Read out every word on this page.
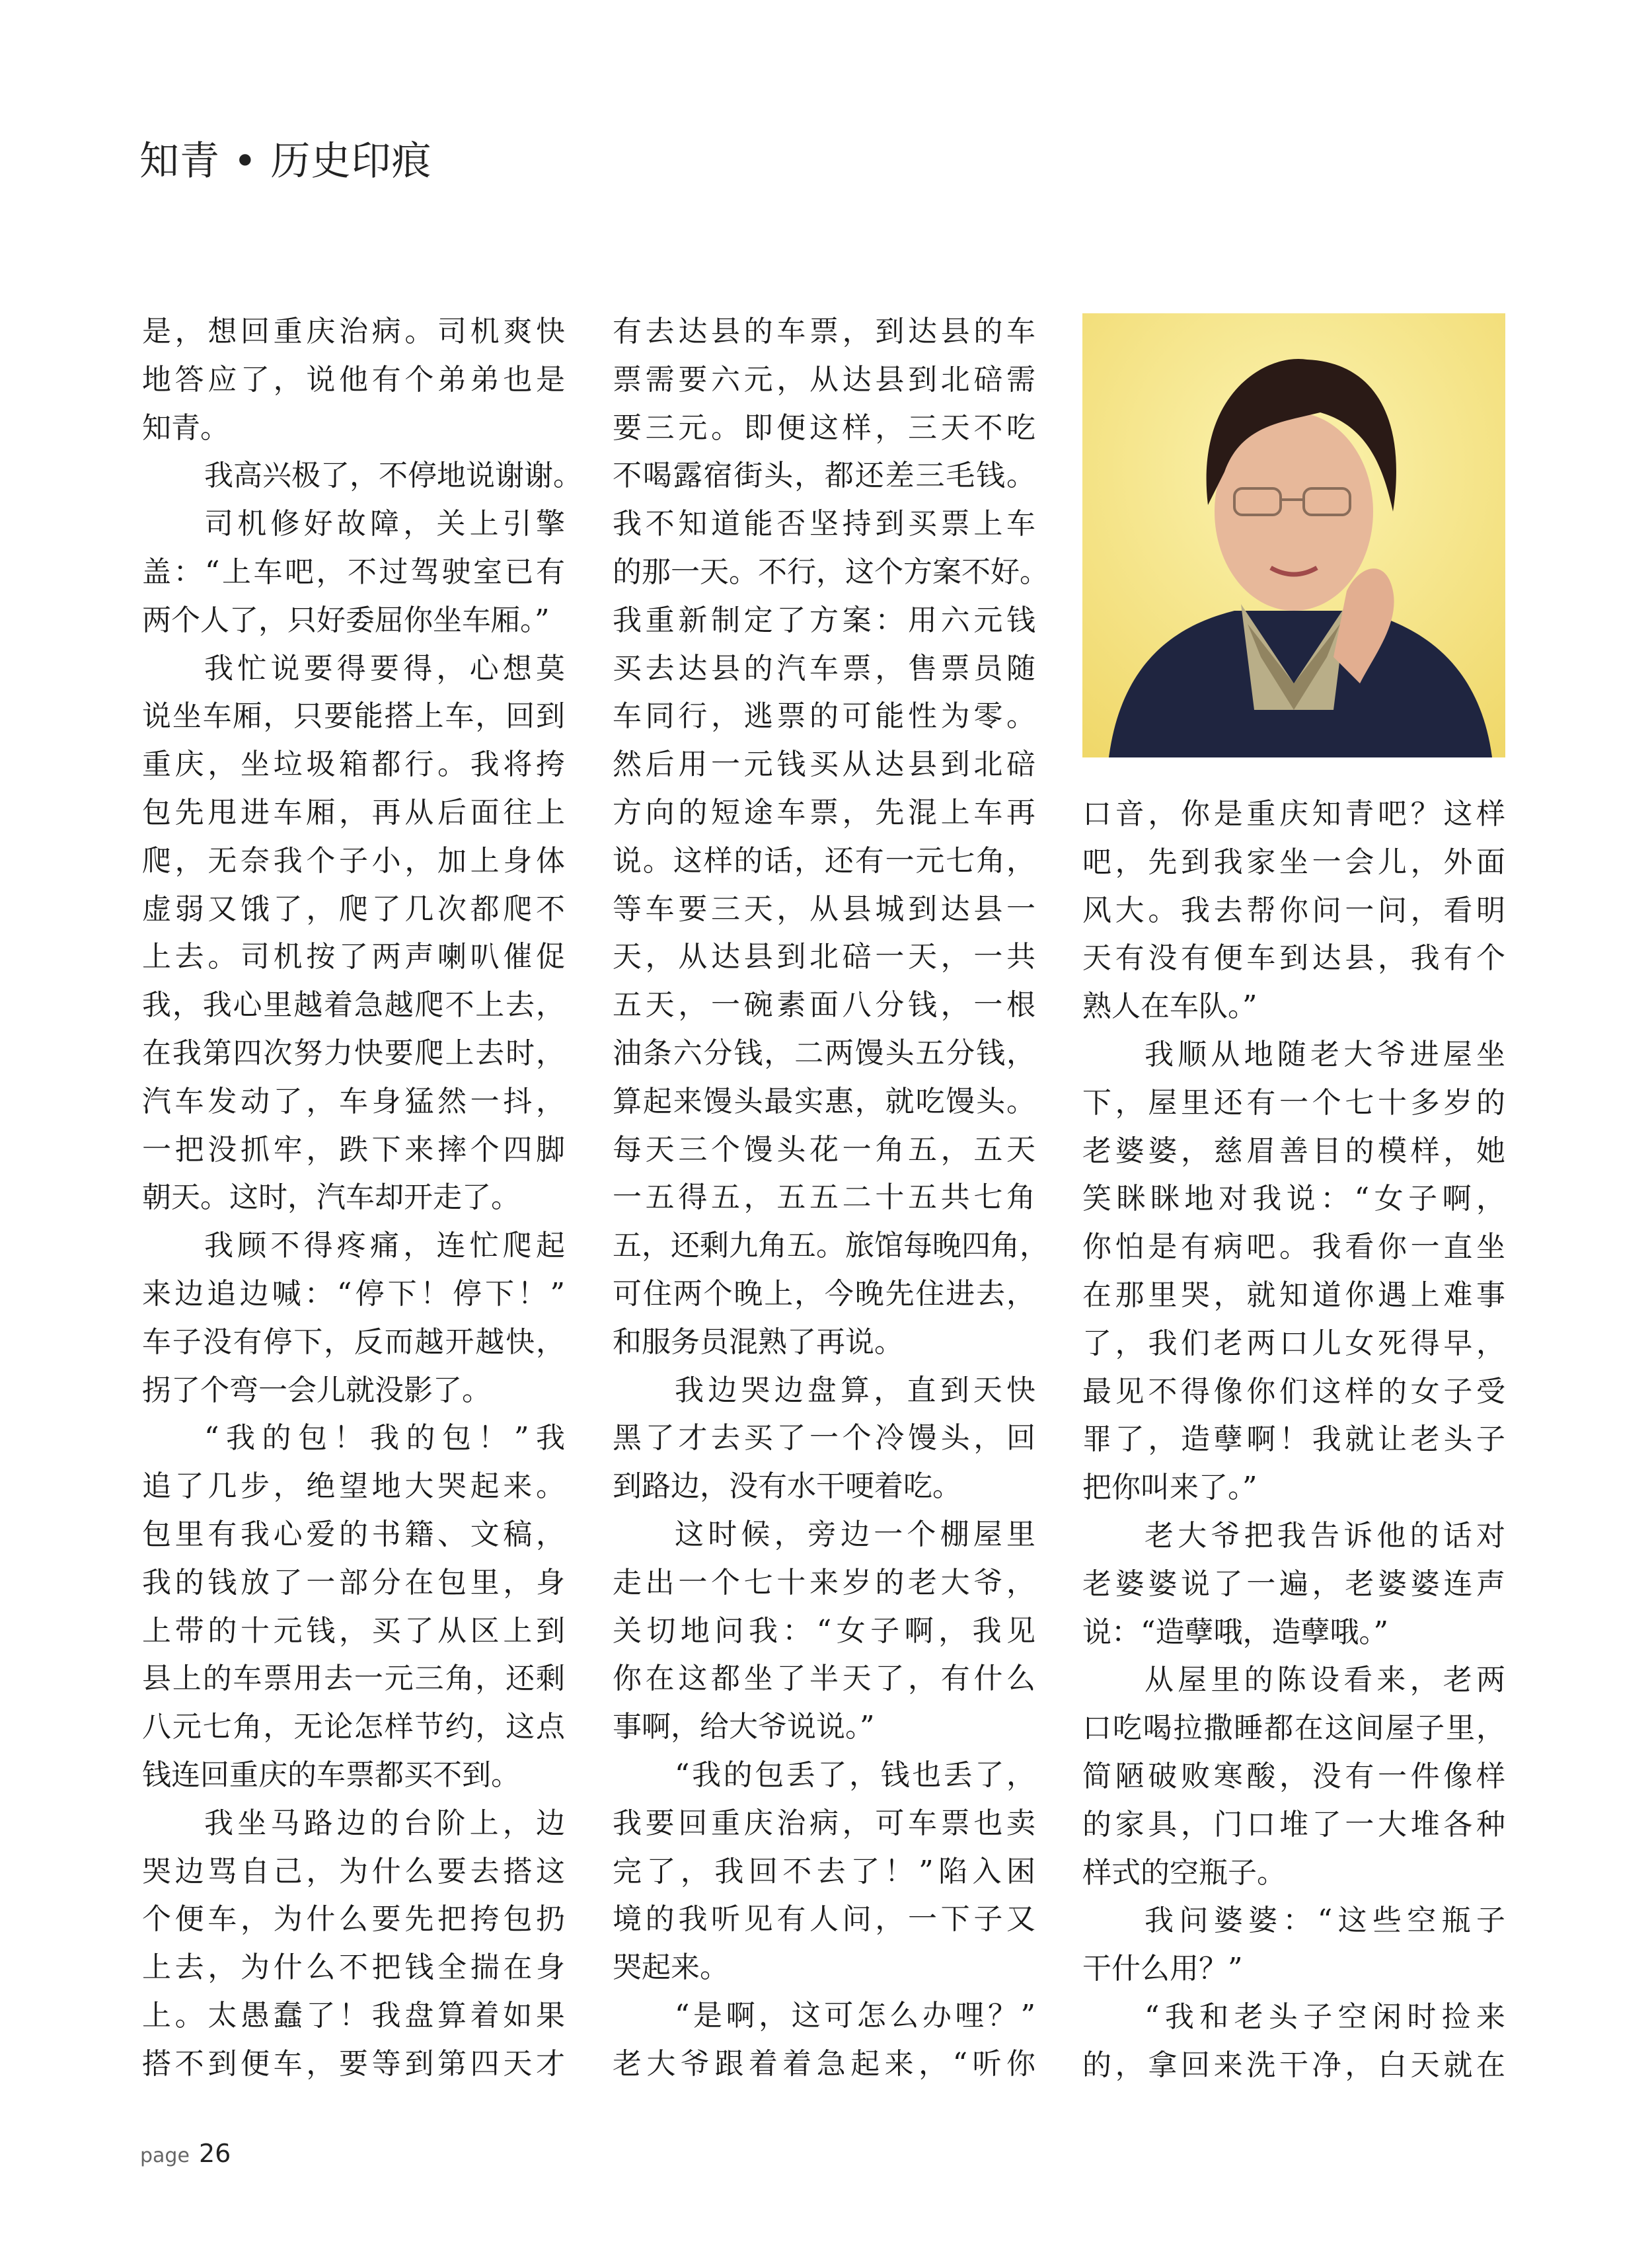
知青 • 历史印痕
是，想回重庆治病。司机爽快
地答应了，说他有个弟弟也是
知青。
我高兴极了，不停地说谢谢。
司机修好故障，关上引擎
盖：“上车吧，不过驾驶室已有
两个人了，只好委屈你坐车厢。”
我忙说要得要得，心想莫
说坐车厢，只要能搭上车，回到
重庆，坐垃圾箱都行。我将挎
包先甩进车厢，再从后面往上
爬，无奈我个子小，加上身体
虚弱又饿了，爬了几次都爬不
上去。司机按了两声喇叭催促
我，我心里越着急越爬不上去，
在我第四次努力快要爬上去时，
汽车发动了，车身猛然一抖，
一把没抓牢，跌下来摔个四脚
朝天。这时，汽车却开走了。
我顾不得疼痛，连忙爬起
来边追边喊：“停下！停下！”
车子没有停下，反而越开越快，
拐了个弯一会儿就没影了。
“我的包！我的包！”我
追了几步，绝望地大哭起来。
包里有我心爱的书籍、文稿，
我的钱放了一部分在包里，身
上带的十元钱，买了从区上到
县上的车票用去一元三角，还剩
八元七角，无论怎样节约，这点
钱连回重庆的车票都买不到。
我坐马路边的台阶上，边
哭边骂自己，为什么要去搭这
个便车，为什么要先把挎包扔
上去，为什么不把钱全揣在身
上。太愚蠢了！我盘算着如果
搭不到便车，要等到第四天才
有去达县的车票，到达县的车
票需要六元，从达县到北碚需
要三元。即便这样，三天不吃
不喝露宿街头，都还差三毛钱。
我不知道能否坚持到买票上车
的那一天。不行，这个方案不好。
我重新制定了方案：用六元钱
买去达县的汽车票，售票员随
车同行，逃票的可能性为零。
然后用一元钱买从达县到北碚
方向的短途车票，先混上车再
说。这样的话，还有一元七角，
等车要三天，从县城到达县一
天，从达县到北碚一天，一共
五天，一碗素面八分钱，一根
油条六分钱，二两馒头五分钱，
算起来馒头最实惠，就吃馒头。
每天三个馒头花一角五，五天
一五得五，五五二十五共七角
五，还剩九角五。旅馆每晚四角，
可住两个晚上，今晚先住进去，
和服务员混熟了再说。
我边哭边盘算，直到天快
黑了才去买了一个冷馒头，回
到路边，没有水干哽着吃。
这时候，旁边一个棚屋里
走出一个七十来岁的老大爷，
关切地问我：“女子啊，我见
你在这都坐了半天了，有什么
事啊，给大爷说说。”
“我的包丢了，钱也丢了，
我要回重庆治病，可车票也卖
完了，我回不去了！”陷入困
境的我听见有人问，一下子又
哭起来。
“是啊，这可怎么办哩？”
老大爷跟着着急起来，“听你
口音，你是重庆知青吧？这样
吧，先到我家坐一会儿，外面
风大。我去帮你问一问，看明
天有没有便车到达县，我有个
熟人在车队。”
我顺从地随老大爷进屋坐
下，屋里还有一个七十多岁的
老婆婆，慈眉善目的模样，她
笑眯眯地对我说：“女子啊，
你怕是有病吧。我看你一直坐
在那里哭，就知道你遇上难事
了，我们老两口儿女死得早，
最见不得像你们这样的女子受
罪了，造孽啊！我就让老头子
把你叫来了。”
老大爷把我告诉他的话对
老婆婆说了一遍，老婆婆连声
说：“造孽哦，造孽哦。”
从屋里的陈设看来，老两
口吃喝拉撒睡都在这间屋子里，
简陋破败寒酸，没有一件像样
的家具，门口堆了一大堆各种
样式的空瓶子。
我问婆婆：“这些空瓶子
干什么用？”
“我和老头子空闲时捡来
的，拿回来洗干净，白天就在
page 26
